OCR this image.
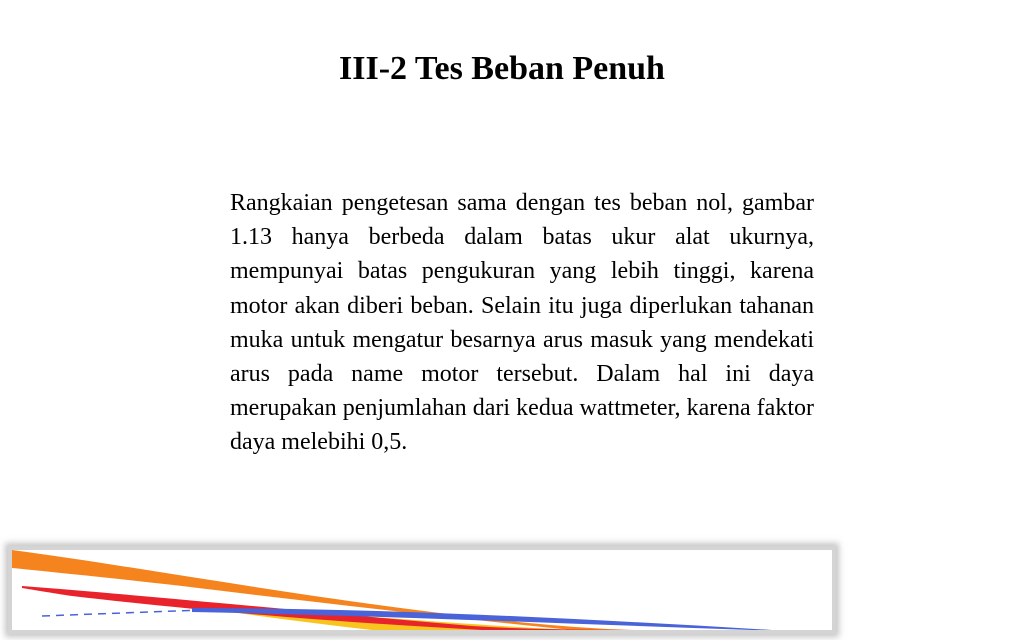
III-2 Tes Beban Penuh

Rangkaian pengetesan sama dengan tes beban nol, gambar 1.13 hanya berbeda dalam batas ukur alat ukurnya, mempunyai batas pengukuran yang lebih tinggi, karena motor akan diberi beban. Selain itu juga diperlukan tahanan muka untuk mengatur besarnya arus masuk yang mendekati arus pada name motor tersebut. Dalam hal ini daya merupakan penjumlahan dari kedua wattmeter, karena faktor daya melebihi 0,5.
